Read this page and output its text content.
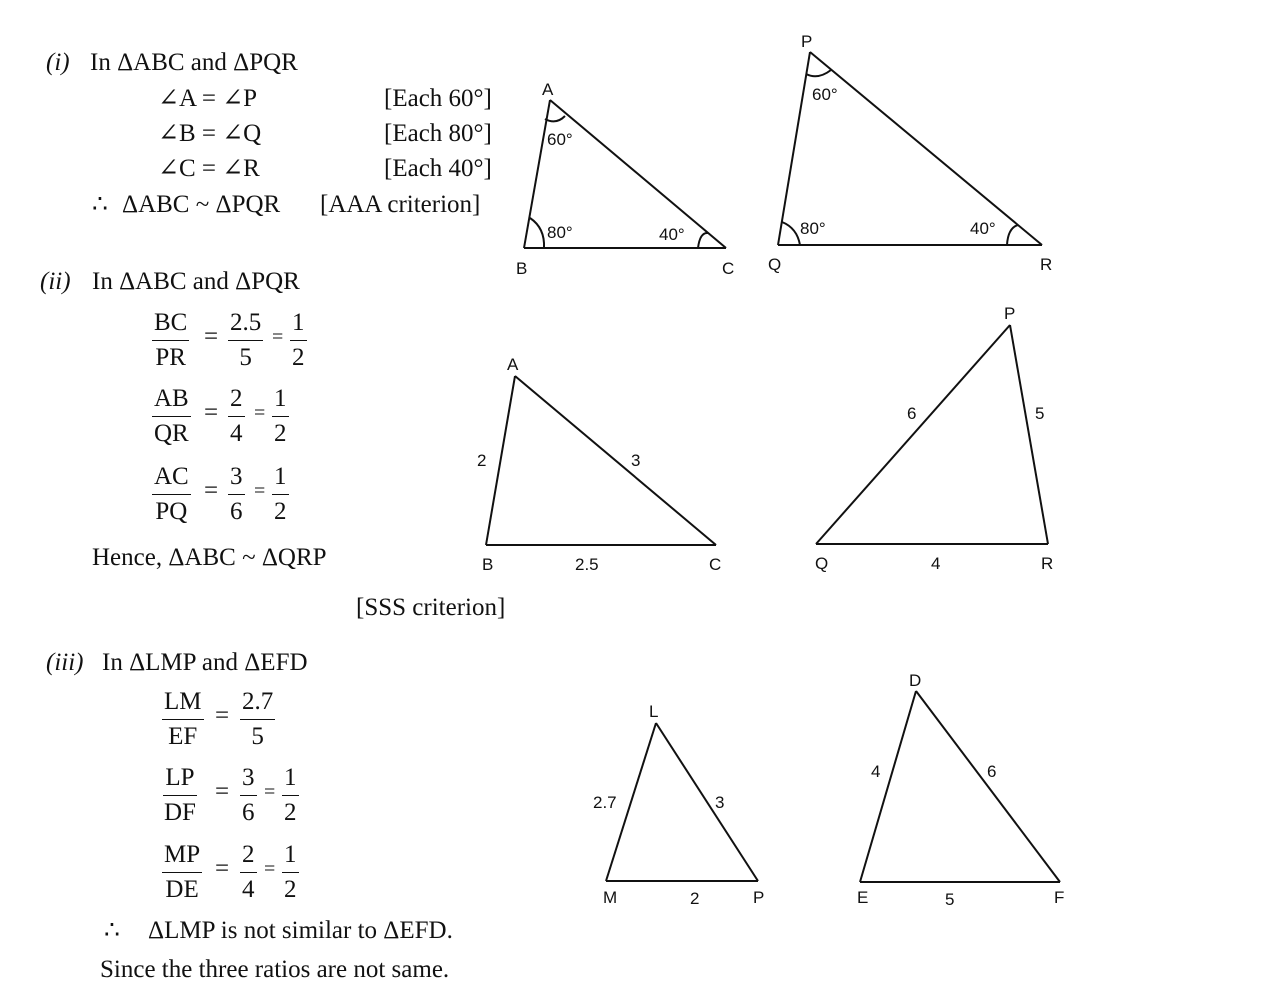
(i) In ΔABC and ΔPQR
∠A = ∠P	[Each 60°]
∠B = ∠Q	[Each 80°]
∠C = ∠R	[Each 40°]
∴ ΔABC ~ ΔPQR [AAA criterion]
(ii) In ΔABC and ΔPQR
$\frac{BC}{PR} = \frac{2.5}{5} = \frac{1}{2}$
$\frac{AB}{QR} = \frac{2}{4} = \frac{1}{2}$
$\frac{AC}{PQ} = \frac{3}{6} = \frac{1}{2}$
Hence, ΔABC ~ ΔQRP
[SSS criterion]
(iii) In ΔLMP and ΔEFD
$\frac{LM}{EF} = \frac{2.7}{5}$
$\frac{LP}{DF} = \frac{3}{6} = \frac{1}{2}$
$\frac{MP}{DE} = \frac{2}{4} = \frac{1}{2}$
∴ ΔLMP is not similar to ΔEFD.
Since the three ratios are not same.
A
B	C
60°
80°	40°
P
Q	R
60°
80°	40°
A
B	C
2	3
2.5
P
Q	R
6	5
4
L
M	P
2.7	3
2
D
E	F
4	6
5
